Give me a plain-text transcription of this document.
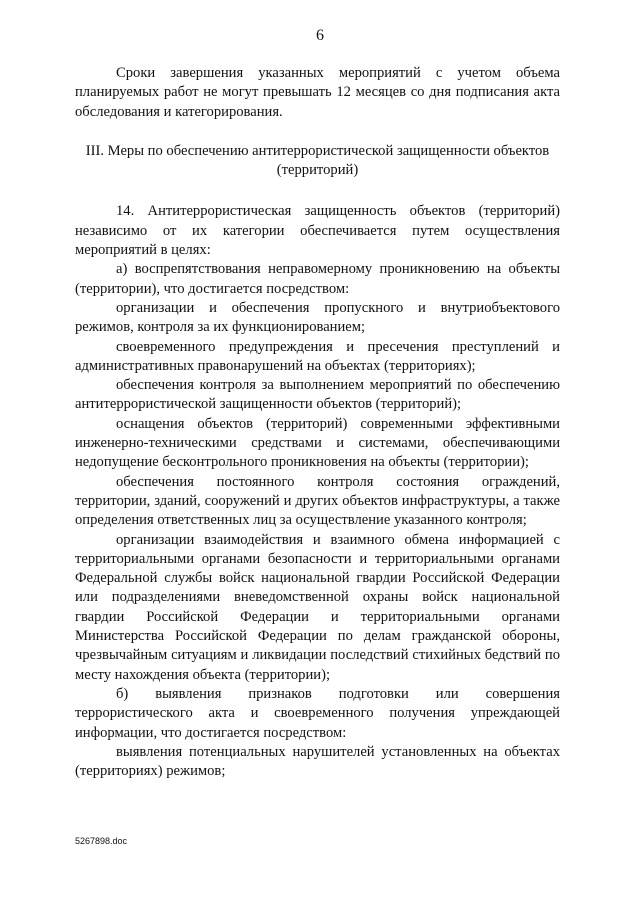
6

Сроки завершения указанных мероприятий с учетом объема планируемых работ не могут превышать 12 месяцев со дня подписания акта обследования и категорирования.

III. Меры по обеспечению антитеррористической защищенности объектов (территорий)

14. Антитеррористическая защищенность объектов (территорий) независимо от их категории обеспечивается путем осуществления мероприятий в целях:

а) воспрепятствования неправомерному проникновению на объекты (территории), что достигается посредством:

организации и обеспечения пропускного и внутриобъектового режимов, контроля за их функционированием;

своевременного предупреждения и пресечения преступлений и административных правонарушений на объектах (территориях);

обеспечения контроля за выполнением мероприятий по обеспечению антитеррористической защищенности объектов (территорий);

оснащения объектов (территорий) современными эффективными инженерно-техническими средствами и системами, обеспечивающими недопущение бесконтрольного проникновения на объекты (территории);

обеспечения постоянного контроля состояния ограждений, территории, зданий, сооружений и других объектов инфраструктуры, а также определения ответственных лиц за осуществление указанного контроля;

организации взаимодействия и взаимного обмена информацией с территориальными органами безопасности и территориальными органами Федеральной службы войск национальной гвардии Российской Федерации или подразделениями вневедомственной охраны войск национальной гвардии Российской Федерации и территориальными органами Министерства Российской Федерации по делам гражданской обороны, чрезвычайным ситуациям и ликвидации последствий стихийных бедствий по месту нахождения объекта (территории);

б) выявления признаков подготовки или совершения террористического акта и своевременного получения упреждающей информации, что достигается посредством:

выявления потенциальных нарушителей установленных на объектах (территориях) режимов;

5267898.doc
